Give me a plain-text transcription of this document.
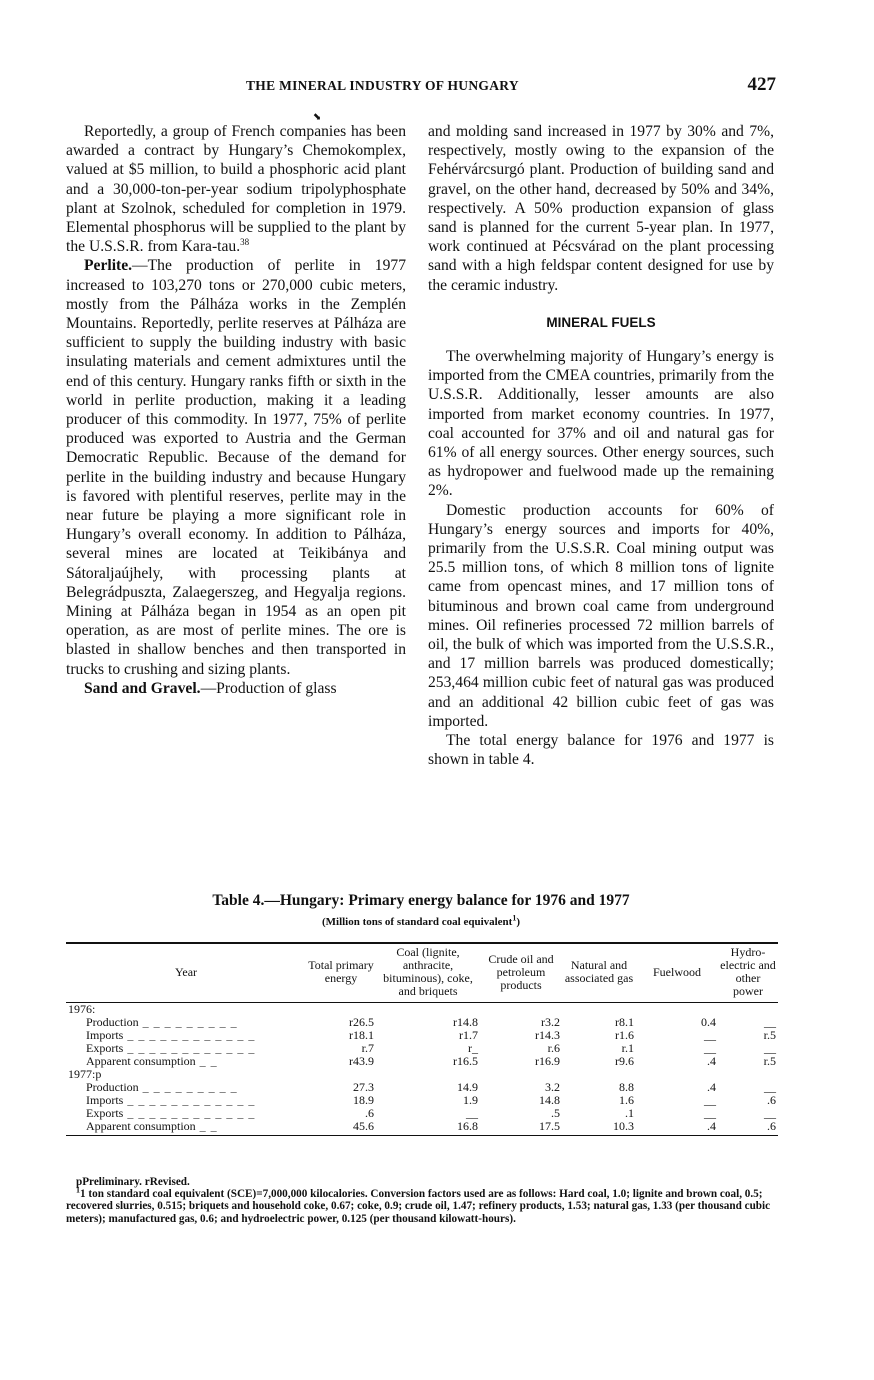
THE MINERAL INDUSTRY OF HUNGARY	427
⬊

Reportedly, a group of French companies has been awarded a contract by Hungary’s Chemokomplex, valued at $5 million, to build a phosphoric acid plant and a 30,000-ton-per-year sodium tripolyphosphate plant at Szolnok, scheduled for completion in 1979. Elemental phosphorus will be supplied to the plant by the U.S.S.R. from Kara-tau.$^{38}$

Perlite.—The production of perlite in 1977 increased to 103,270 tons or 270,000 cubic meters, mostly from the Pálháza works in the Zemplén Mountains. Reportedly, perlite reserves at Pálháza are sufficient to supply the building industry with basic insulating materials and cement admixtures until the end of this century. Hungary ranks fifth or sixth in the world in perlite production, making it a leading producer of this commodity. In 1977, 75% of perlite produced was exported to Austria and the German Democratic Republic. Because of the demand for perlite in the building industry and because Hungary is favored with plentiful reserves, perlite may in the near future be playing a more significant role in Hungary’s overall economy. In addition to Pálháza, several mines are located at Teikibánya and Sátoraljaújhely, with processing plants at Belegrádpuszta, Zalaegerszeg, and Hegyalja regions. Mining at Pálháza began in 1954 as an open pit operation, as are most of perlite mines. The ore is blasted in shallow benches and then transported in trucks to crushing and sizing plants.

Sand and Gravel.—Production of glass

and molding sand increased in 1977 by 30% and 7%, respectively, mostly owing to the expansion of the Fehérvárcsurgó plant. Production of building sand and gravel, on the other hand, decreased by 50% and 34%, respectively. A 50% production expansion of glass sand is planned for the current 5-year plan. In 1977, work continued at Pécsvárad on the plant processing sand with a high feldspar content designed for use by the ceramic industry.

MINERAL FUELS

The overwhelming majority of Hungary’s energy is imported from the CMEA countries, primarily from the U.S.S.R. Additionally, lesser amounts are also imported from market economy countries. In 1977, coal accounted for 37% and oil and natural gas for 61% of all energy sources. Other energy sources, such as hydropower and fuelwood made up the remaining 2%.

Domestic production accounts for 60% of Hungary’s energy sources and imports for 40%, primarily from the U.S.S.R. Coal mining output was 25.5 million tons, of which 8 million tons of lignite came from opencast mines, and 17 million tons of bituminous and brown coal came from underground mines. Oil refineries processed 72 million barrels of oil, the bulk of which was imported from the U.S.S.R., and 17 million barrels was produced domestically; 253,464 million cubic feet of natural gas was produced and an additional 42 billion cubic feet of gas was imported.

The total energy balance for 1976 and 1977 is shown in table 4.

Table 4.—Hungary: Primary energy balance for 1976 and 1977
(Million tons of standard coal equivalent$^1$)
Year	Total primary energy	Coal (lignite, anthracite, bituminous), coke, and briquets	Crude oil and petroleum products	Natural and associated gas	Fuelwood	Hydro-electric and other power
1976:						
Production _ _ _ _ _ _ _ _ _	r26.5	r14.8	r3.2	r8.1	0.4	__
Imports _ _ _ _ _ _ _ _ _ _ _ _	r18.1	r1.7	r14.3	r1.6	__	r.5
Exports _ _ _ _ _ _ _ _ _ _ _ _	r.7	r_	r.6	r.1	__	__
Apparent consumption _ _	r43.9	r16.5	r16.9	r9.6	.4	r.5
1977:p						
Production _ _ _ _ _ _ _ _ _	27.3	14.9	3.2	8.8	.4	__
Imports _ _ _ _ _ _ _ _ _ _ _ _	18.9	1.9	14.8	1.6	__	.6
Exports _ _ _ _ _ _ _ _ _ _ _ _	.6	__	.5	.1	__	__
Apparent consumption _ _	45.6	16.8	17.5	10.3	.4	.6

pPreliminary. rRevised.

$^1$1 ton standard coal equivalent (SCE)=7,000,000 kilocalories. Conversion factors used are as follows: Hard coal, 1.0; lignite and brown coal, 0.5; recovered slurries, 0.515; briquets and household coke, 0.67; coke, 0.9; crude oil, 1.47; refinery products, 1.53; natural gas, 1.33 (per thousand cubic meters); manufactured gas, 0.6; and hydroelectric power, 0.125 (per thousand kilowatt-hours).
